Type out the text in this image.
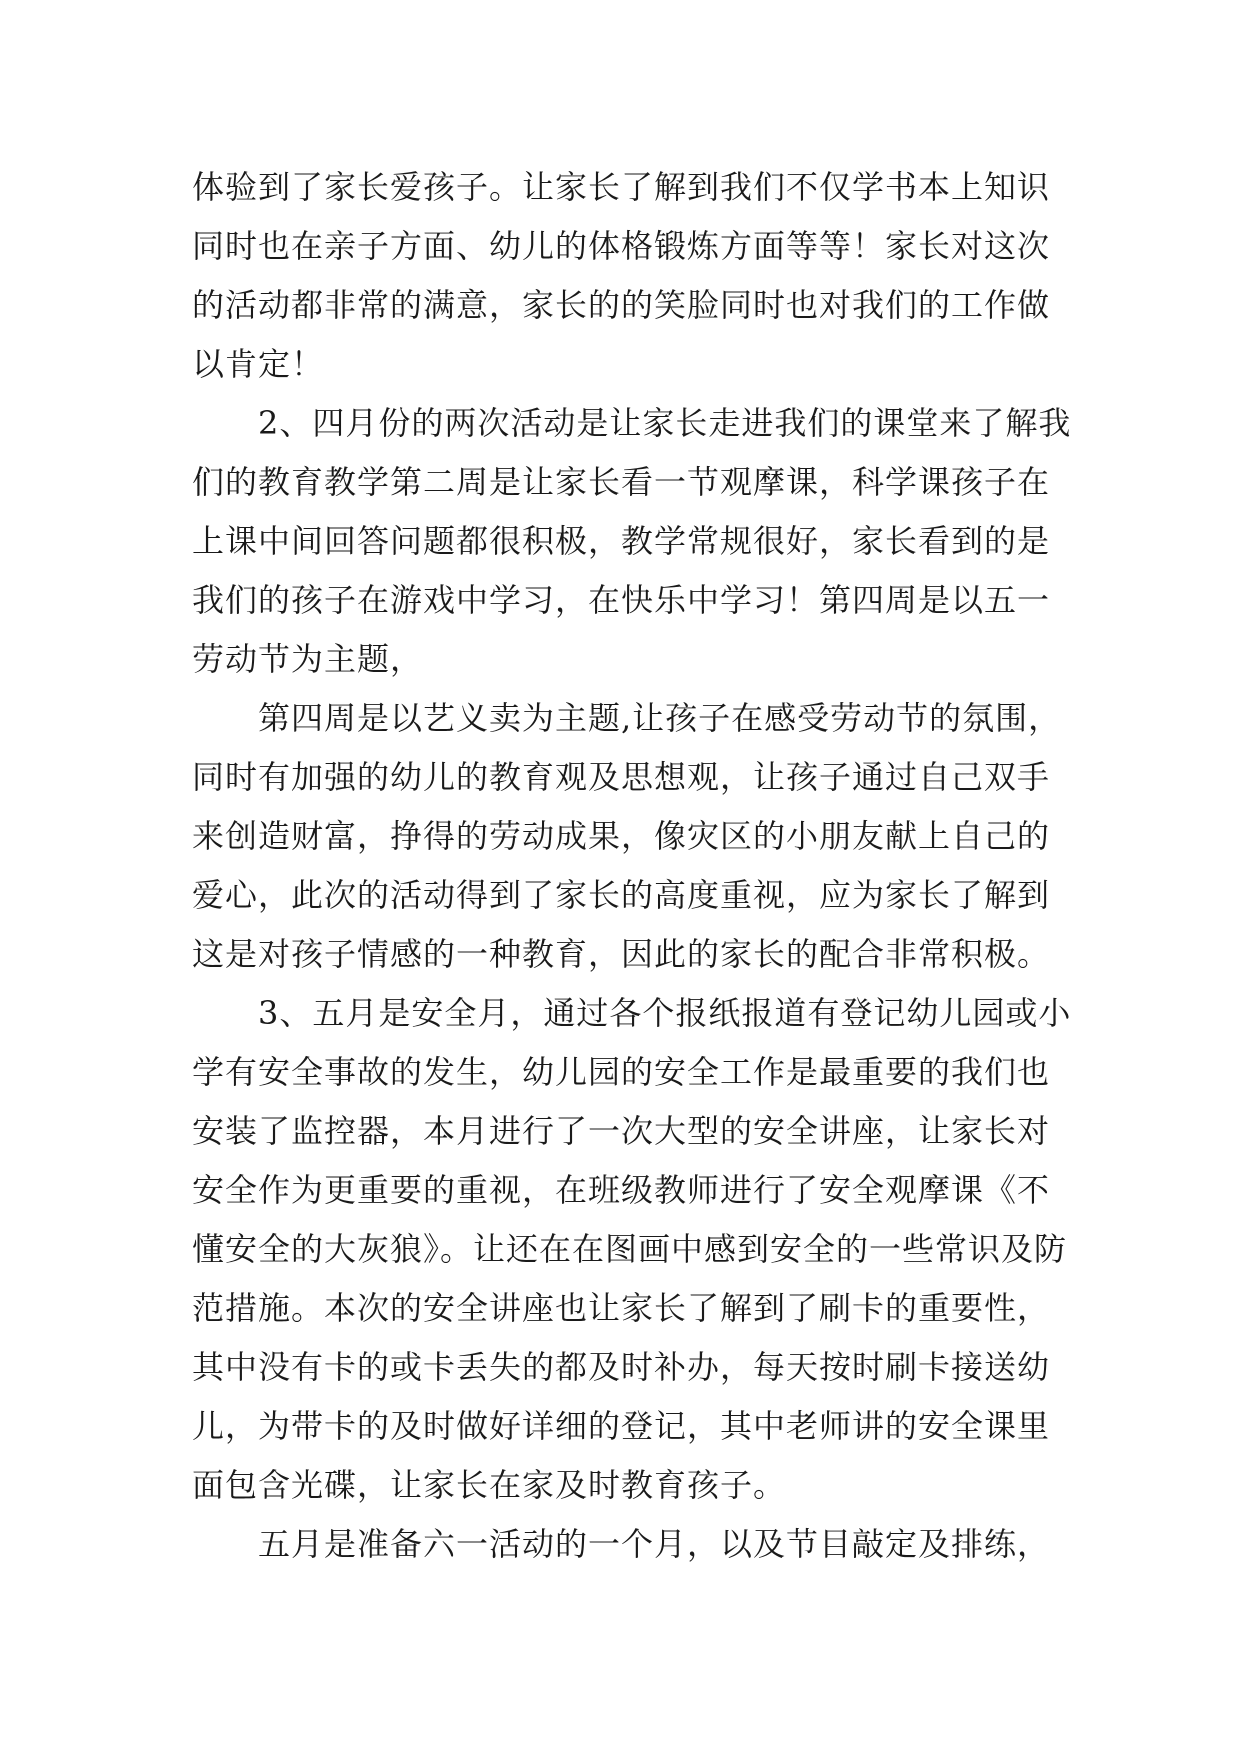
体验到了家长爱孩子。让家长了解到我们不仅学书本上知识同时也在亲子方面、幼儿的体格锻炼方面等等！家长对这次的活动都非常的满意，家长的的笑脸同时也对我们的工作做以肯定！

2、四月份的两次活动是让家长走进我们的课堂来了解我们的教育教学第二周是让家长看一节观摩课，科学课孩子在上课中间回答问题都很积极，教学常规很好，家长看到的是我们的孩子在游戏中学习，在快乐中学习！第四周是以五一劳动节为主题，

第四周是以艺义卖为主题,让孩子在感受劳动节的氛围，同时有加强的幼儿的教育观及思想观，让孩子通过自己双手来创造财富，挣得的劳动成果，像灾区的小朋友献上自己的爱心，此次的活动得到了家长的高度重视，应为家长了解到这是对孩子情感的一种教育，因此的家长的配合非常积极。

3、五月是安全月，通过各个报纸报道有登记幼儿园或小学有安全事故的发生，幼儿园的安全工作是最重要的我们也安装了监控器，本月进行了一次大型的安全讲座，让家长对安全作为更重要的重视，在班级教师进行了安全观摩课《不懂安全的大灰狼》。让还在在图画中感到安全的一些常识及防范措施。本次的安全讲座也让家长了解到了刷卡的重要性，其中没有卡的或卡丢失的都及时补办，每天按时刷卡接送幼儿，为带卡的及时做好详细的登记，其中老师讲的安全课里面包含光碟，让家长在家及时教育孩子。

五月是准备六一活动的一个月，以及节目敲定及排练，
